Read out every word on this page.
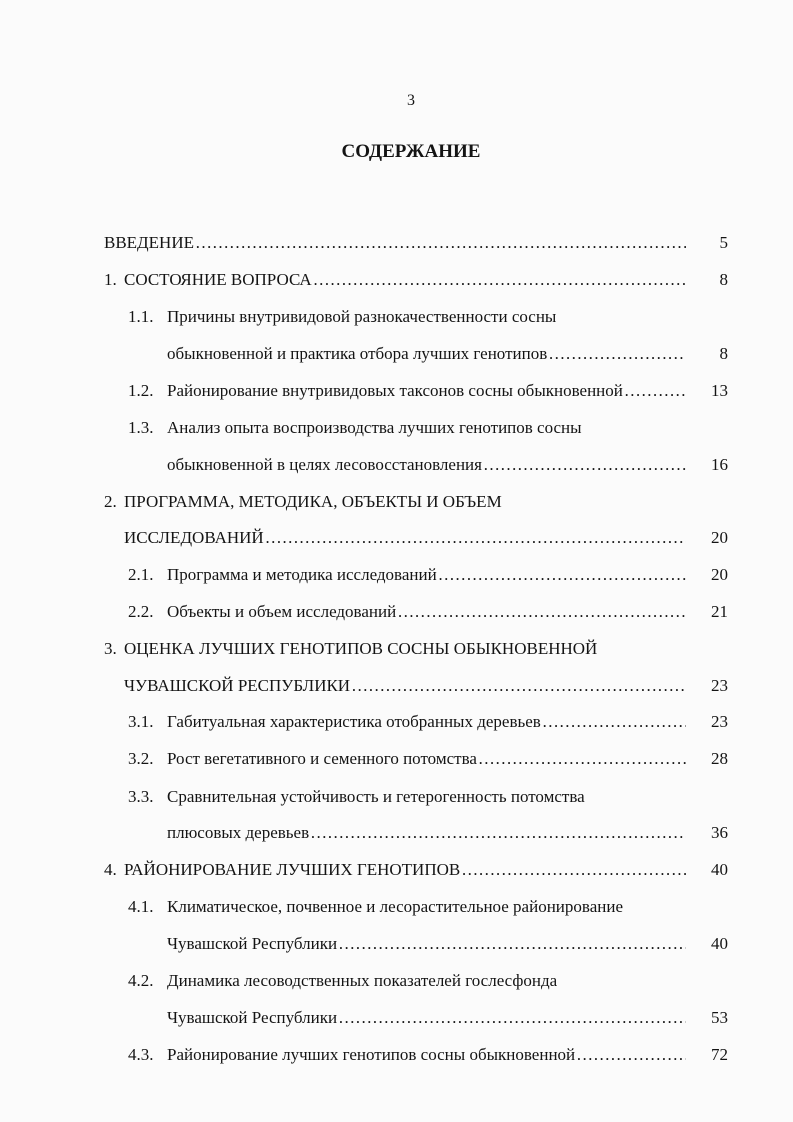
3
СОДЕРЖАНИЕ
ВВЕДЕНИЕ	5
……………………………………………………………………………………………………………………………………………………………………
1. СОСТОЯНИЕ ВОПРОСА	8
……………………………………………………………………………………………………………………………………………………………………
1.1. Причины внутривидовой разнокачественности сосны
обыкновенной и практика отбора лучших генотипов	8
……………………………………………………………………………………………………………………………………………………………………
1.2. Районирование внутривидовых таксонов сосны обыкновенной	13
……………………………………………………………………………………………………………………………………………………………………
1.3. Анализ опыта воспроизводства лучших генотипов сосны
обыкновенной в целях лесовосстановления	16
……………………………………………………………………………………………………………………………………………………………………
2. ПРОГРАММА, МЕТОДИКА, ОБЪЕКТЫ И ОБЪЕМ
ИССЛЕДОВАНИЙ	20
……………………………………………………………………………………………………………………………………………………………………
2.1. Программа и методика исследований	20
……………………………………………………………………………………………………………………………………………………………………
2.2. Объекты и объем исследований	21
……………………………………………………………………………………………………………………………………………………………………
3. ОЦЕНКА ЛУЧШИХ ГЕНОТИПОВ СОСНЫ ОБЫКНОВЕННОЙ
ЧУВАШСКОЙ РЕСПУБЛИКИ	23
……………………………………………………………………………………………………………………………………………………………………
3.1. Габитуальная характеристика отобранных деревьев	23
……………………………………………………………………………………………………………………………………………………………………
3.2. Рост вегетативного и семенного потомства	28
……………………………………………………………………………………………………………………………………………………………………
3.3. Сравнительная устойчивость и гетерогенность потомства
плюсовых деревьев	36
……………………………………………………………………………………………………………………………………………………………………
4. РАЙОНИРОВАНИЕ ЛУЧШИХ ГЕНОТИПОВ	40
……………………………………………………………………………………………………………………………………………………………………
4.1. Климатическое, почвенное и лесорастительное районирование
Чувашской Республики	40
……………………………………………………………………………………………………………………………………………………………………
4.2. Динамика лесоводственных показателей гослесфонда
Чувашской Республики	53
……………………………………………………………………………………………………………………………………………………………………
4.3. Районирование лучших генотипов сосны обыкновенной	72
……………………………………………………………………………………………………………………………………………………………………
